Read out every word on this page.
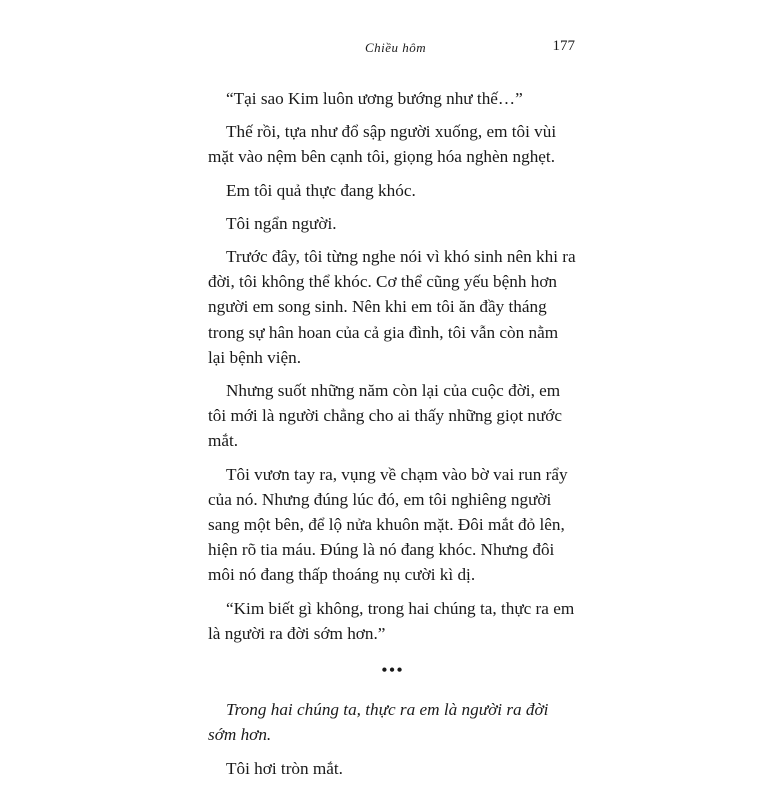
Chiều hôm	177

“Tại sao Kim luôn ương bướng như thế…”

Thế rồi, tựa như đổ sập người xuống, em tôi vùi mặt vào nệm bên cạnh tôi, giọng hóa nghèn nghẹt.

Em tôi quả thực đang khóc.

Tôi ngẩn người.

Trước đây, tôi từng nghe nói vì khó sinh nên khi ra đời, tôi không thể khóc. Cơ thể cũng yếu bệnh hơn người em song sinh. Nên khi em tôi ăn đầy tháng trong sự hân hoan của cả gia đình, tôi vẫn còn nằm lại bệnh viện.

Nhưng suốt những năm còn lại của cuộc đời, em tôi mới là người chẳng cho ai thấy những giọt nước mắt.

Tôi vươn tay ra, vụng về chạm vào bờ vai run rẩy của nó. Nhưng đúng lúc đó, em tôi nghiêng người sang một bên, để lộ nửa khuôn mặt. Đôi mắt đỏ lên, hiện rõ tia máu. Đúng là nó đang khóc. Nhưng đôi môi nó đang thấp thoáng nụ cười kì dị.

“Kim biết gì không, trong hai chúng ta, thực ra em là người ra đời sớm hơn.”

•••

Trong hai chúng ta, thực ra em là người ra đời sớm hơn.

Tôi hơi tròn mắt.
